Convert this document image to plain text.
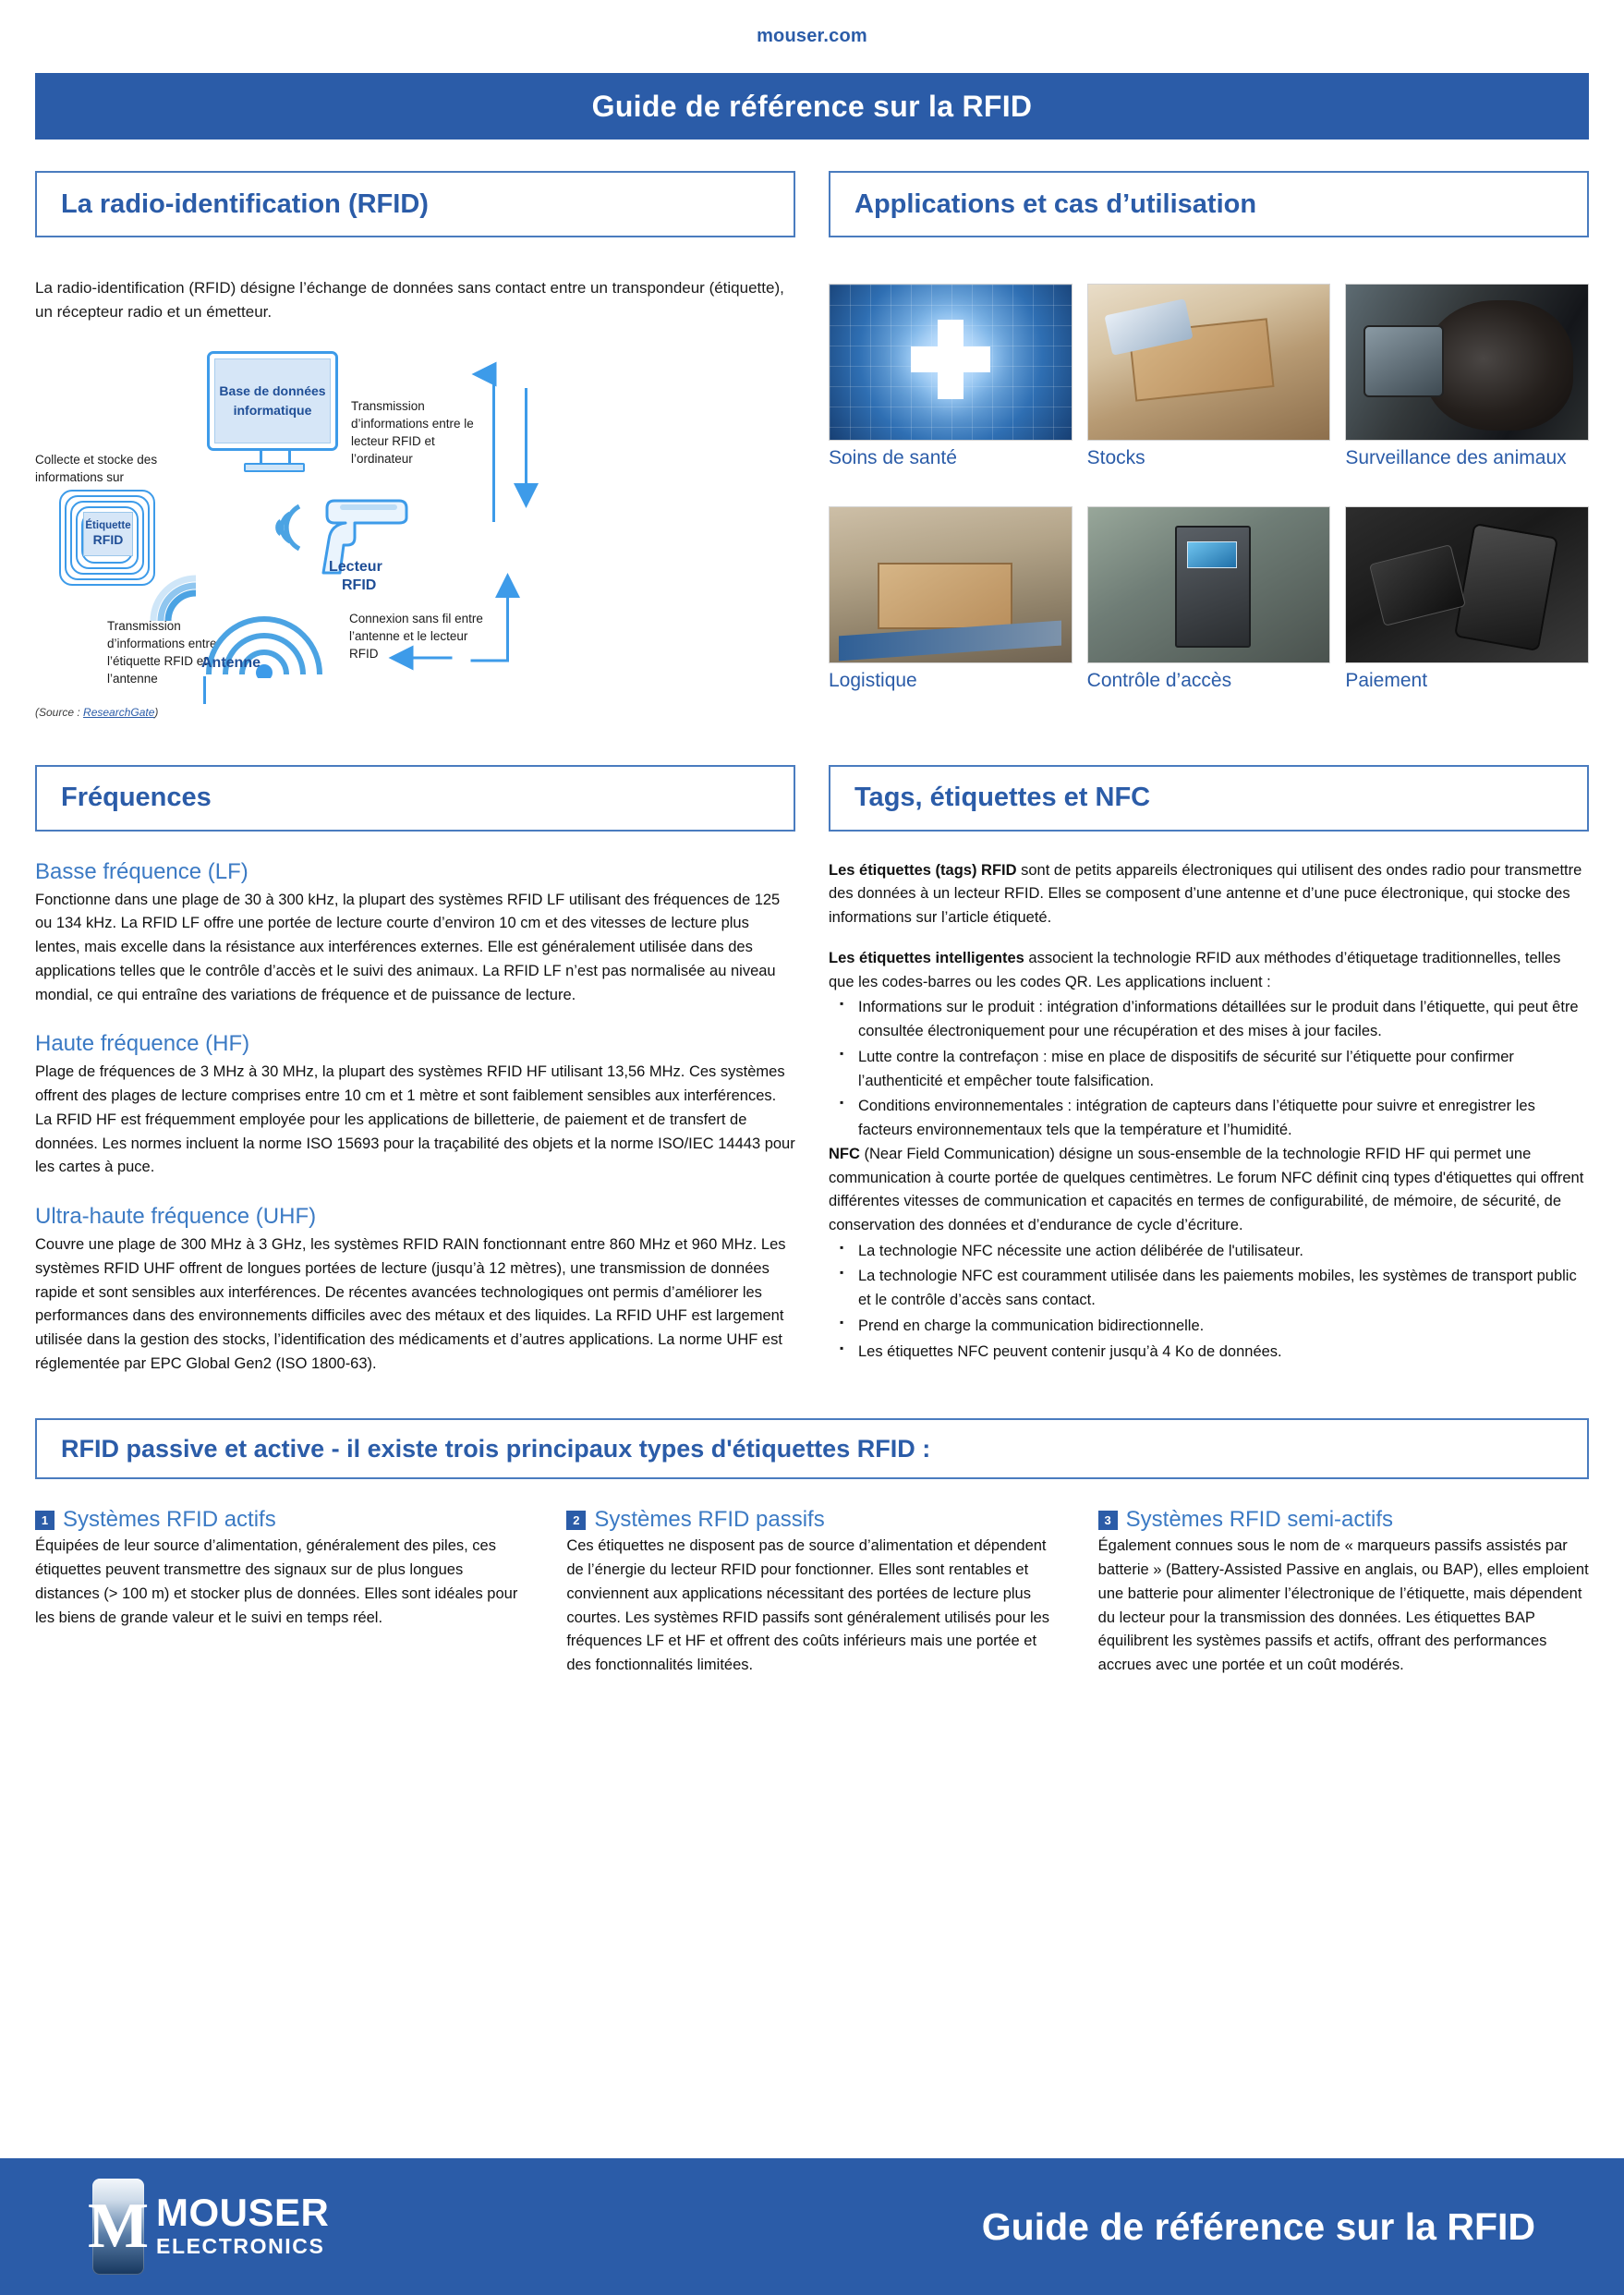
mouser.com
Guide de référence sur la RFID
La radio-identification (RFID)

La radio-identification (RFID) désigne l’échange de données sans contact entre un transpondeur (étiquette), un récepteur radio et un émetteur.

Base de données
informatique
Collecte et stocke des informations sur
Étiquette
RFID
Transmission d’informations entre l’étiquette RFID et l’antenne
Lecteur
RFID
Transmission d’informations entre le lecteur RFID et l’ordinateur
Connexion sans fil entre l’antenne et le lecteur RFID
Antenne
(Source : ResearchGate)
Applications et cas d’utilisation
Soins de santé	Stocks	Surveillance des animaux
Logistique	Contrôle d’accès	Paiement
Fréquences
Basse fréquence (LF)

Fonctionne dans une plage de 30 à 300 kHz, la plupart des systèmes RFID LF utilisant des fréquences de 125 ou 134 kHz. La RFID LF offre une portée de lecture courte d’environ 10 cm et des vitesses de lecture plus lentes, mais excelle dans la résistance aux interférences externes. Elle est généralement utilisée dans des applications telles que le contrôle d’accès et le suivi des animaux. La RFID LF n’est pas normalisée au niveau mondial, ce qui entraîne des variations de fréquence et de puissance de lecture.

Haute fréquence (HF)

Plage de fréquences de 3 MHz à 30 MHz, la plupart des systèmes RFID HF utilisant 13,56 MHz. Ces systèmes offrent des plages de lecture comprises entre 10 cm et 1 mètre et sont faiblement sensibles aux interférences. La RFID HF est fréquemment employée pour les applications de billetterie, de paiement et de transfert de données. Les normes incluent la norme ISO 15693 pour la traçabilité des objets et la norme ISO/IEC 14443 pour les cartes à puce.

Ultra-haute fréquence (UHF)

Couvre une plage de 300 MHz à 3 GHz, les systèmes RFID RAIN fonctionnant entre 860 MHz et 960 MHz. Les systèmes RFID UHF offrent de longues portées de lecture (jusqu’à 12 mètres), une transmission de données rapide et sont sensibles aux interférences. De récentes avancées technologiques ont permis d’améliorer les performances dans des environnements difficiles avec des métaux et des liquides. La RFID UHF est largement utilisée dans la gestion des stocks, l’identification des médicaments et d’autres applications. La norme UHF est réglementée par EPC Global Gen2 (ISO 1800-63).

Tags, étiquettes et NFC

Les étiquettes (tags) RFID sont de petits appareils électroniques qui utilisent des ondes radio pour transmettre des données à un lecteur RFID. Elles se composent d’une antenne et d’une puce électronique, qui stocke des informations sur l’article étiqueté.

Les étiquettes intelligentes associent la technologie RFID aux méthodes d’étiquetage traditionnelles, telles que les codes-barres ou les codes QR. Les applications incluent :

▪ Informations sur le produit : intégration d’informations détaillées sur le produit dans l’étiquette, qui peut être consultée électroniquement pour une récupération et des mises à jour faciles.
▪ Lutte contre la contrefaçon : mise en place de dispositifs de sécurité sur l’étiquette pour confirmer l’authenticité et empêcher toute falsification.
▪ Conditions environnementales : intégration de capteurs dans l’étiquette pour suivre et enregistrer les facteurs environnementaux tels que la température et l’humidité.

NFC (Near Field Communication) désigne un sous-ensemble de la technologie RFID HF qui permet une communication à courte portée de quelques centimètres. Le forum NFC définit cinq types d'étiquettes qui offrent différentes vitesses de communication et capacités en termes de configurabilité, de mémoire, de sécurité, de conservation des données et d’endurance de cycle d’écriture.

▪ La technologie NFC nécessite une action délibérée de l'utilisateur.
▪ La technologie NFC est couramment utilisée dans les paiements mobiles, les systèmes de transport public et le contrôle d’accès sans contact.
▪ Prend en charge la communication bidirectionnelle.
▪ Les étiquettes NFC peuvent contenir jusqu’à 4 Ko de données.
RFID passive et active - il existe trois principaux types d'étiquettes RFID :
1 Systèmes RFID actifs

Équipées de leur source d’alimentation, généralement des piles, ces étiquettes peuvent transmettre des signaux sur de plus longues distances (> 100 m) et stocker plus de données. Elles sont idéales pour les biens de grande valeur et le suivi en temps réel.

2 Systèmes RFID passifs

Ces étiquettes ne disposent pas de source d’alimentation et dépendent de l’énergie du lecteur RFID pour fonctionner. Elles sont rentables et conviennent aux applications nécessitant des portées de lecture plus courtes. Les systèmes RFID passifs sont généralement utilisés pour les fréquences LF et HF et offrent des coûts inférieurs mais une portée et des fonctionnalités limitées.

3 Systèmes RFID semi-actifs

Également connues sous le nom de « marqueurs passifs assistés par batterie » (Battery-Assisted Passive en anglais, ou BAP), elles emploient une batterie pour alimenter l’électronique de l’étiquette, mais dépendent du lecteur pour la transmission des données. Les étiquettes BAP équilibrent les systèmes passifs et actifs, offrant des performances accrues avec une portée et un coût modérés.

M MOUSER
ELECTRONICS	Guide de référence sur la RFID
